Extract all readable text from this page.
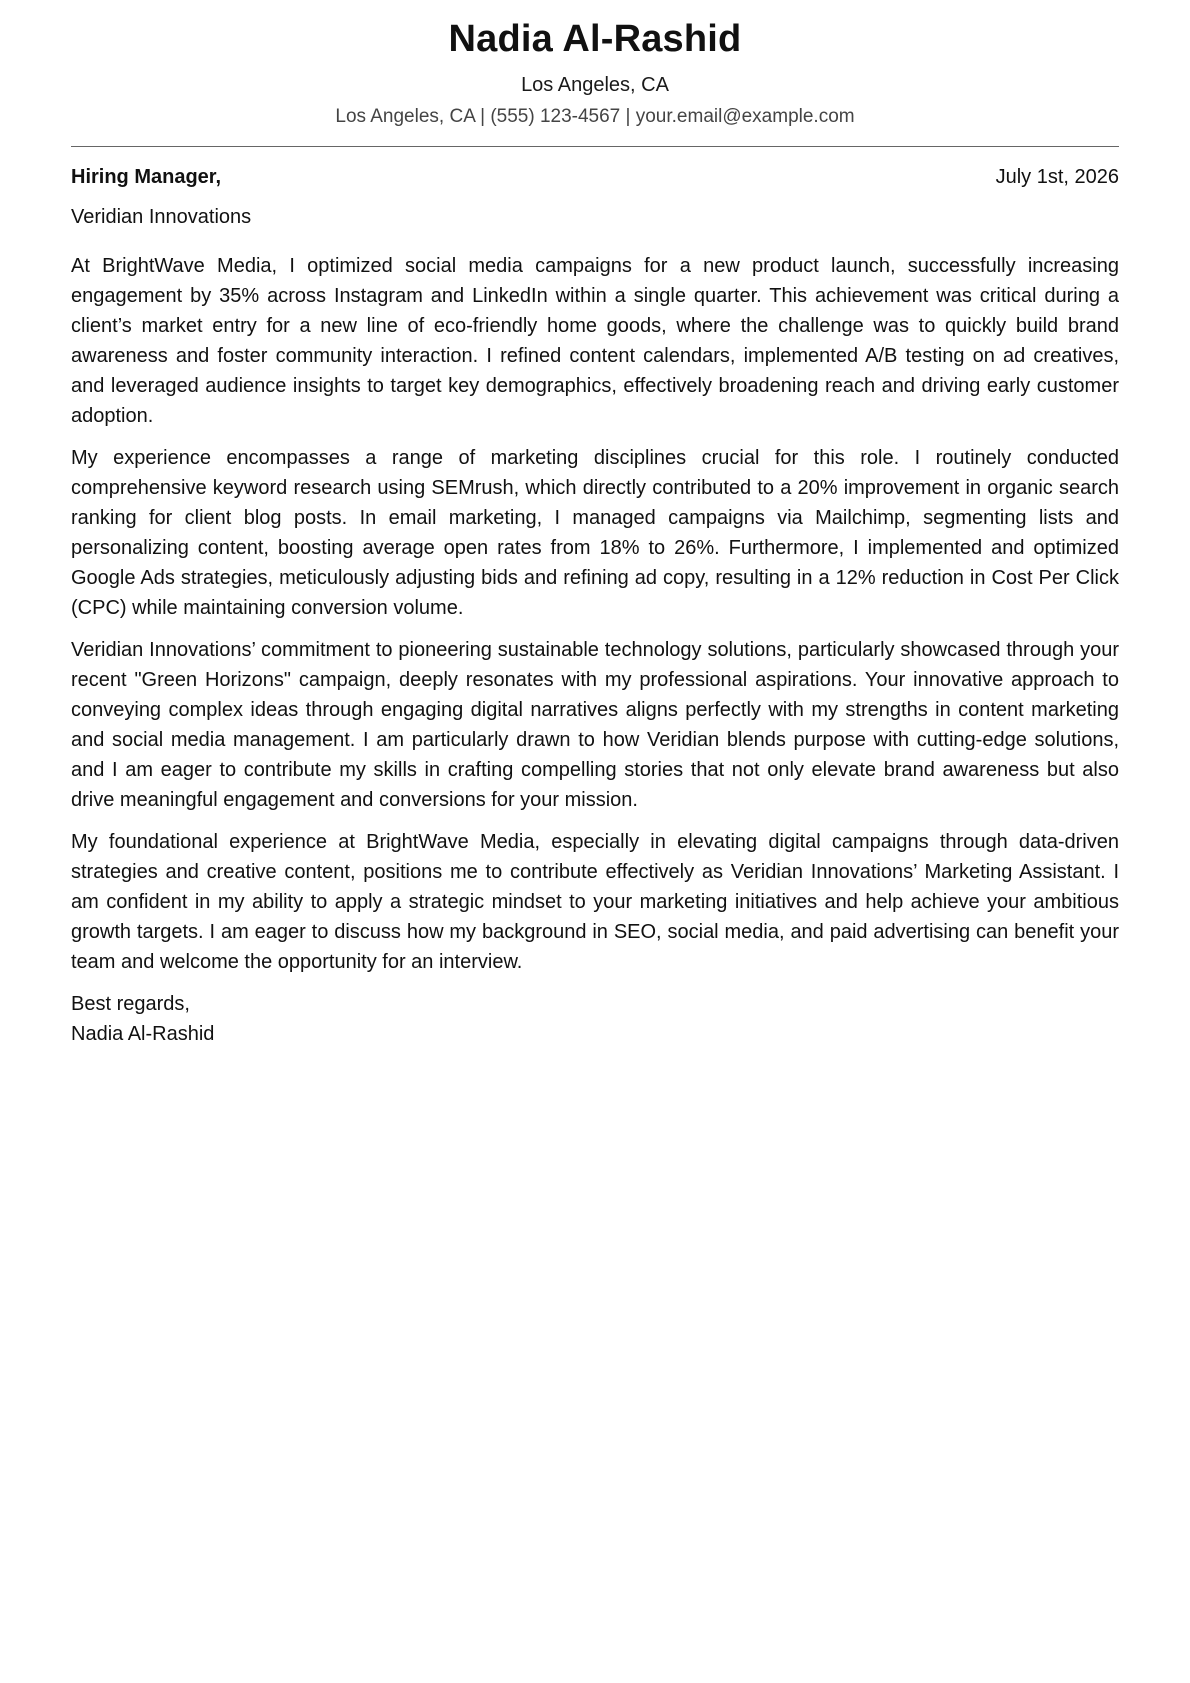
Nadia Al-Rashid
Los Angeles, CA
Los Angeles, CA | (555) 123-4567 | your.email@example.com
Hiring Manager,	July 1st, 2026
Veridian Innovations

At BrightWave Media, I optimized social media campaigns for a new product launch, successfully increasing engagement by 35% across Instagram and LinkedIn within a single quarter. This achievement was critical during a client’s market entry for a new line of eco-friendly home goods, where the challenge was to quickly build brand awareness and foster community interaction. I refined content calendars, implemented A/B testing on ad creatives, and leveraged audience insights to target key demographics, effectively broadening reach and driving early customer adoption.

My experience encompasses a range of marketing disciplines crucial for this role. I routinely conducted comprehensive keyword research using SEMrush, which directly contributed to a 20% improvement in organic search ranking for client blog posts. In email marketing, I managed campaigns via Mailchimp, segmenting lists and personalizing content, boosting average open rates from 18% to 26%. Furthermore, I implemented and optimized Google Ads strategies, meticulously adjusting bids and refining ad copy, resulting in a 12% reduction in Cost Per Click (CPC) while maintaining conversion volume.

Veridian Innovations’ commitment to pioneering sustainable technology solutions, particularly showcased through your recent "Green Horizons" campaign, deeply resonates with my professional aspirations. Your innovative approach to conveying complex ideas through engaging digital narratives aligns perfectly with my strengths in content marketing and social media management. I am particularly drawn to how Veridian blends purpose with cutting-edge solutions, and I am eager to contribute my skills in crafting compelling stories that not only elevate brand awareness but also drive meaningful engagement and conversions for your mission.

My foundational experience at BrightWave Media, especially in elevating digital campaigns through data-driven strategies and creative content, positions me to contribute effectively as Veridian Innovations’ Marketing Assistant. I am confident in my ability to apply a strategic mindset to your marketing initiatives and help achieve your ambitious growth targets. I am eager to discuss how my background in SEO, social media, and paid advertising can benefit your team and welcome the opportunity for an interview.

Best regards,
Nadia Al-Rashid
